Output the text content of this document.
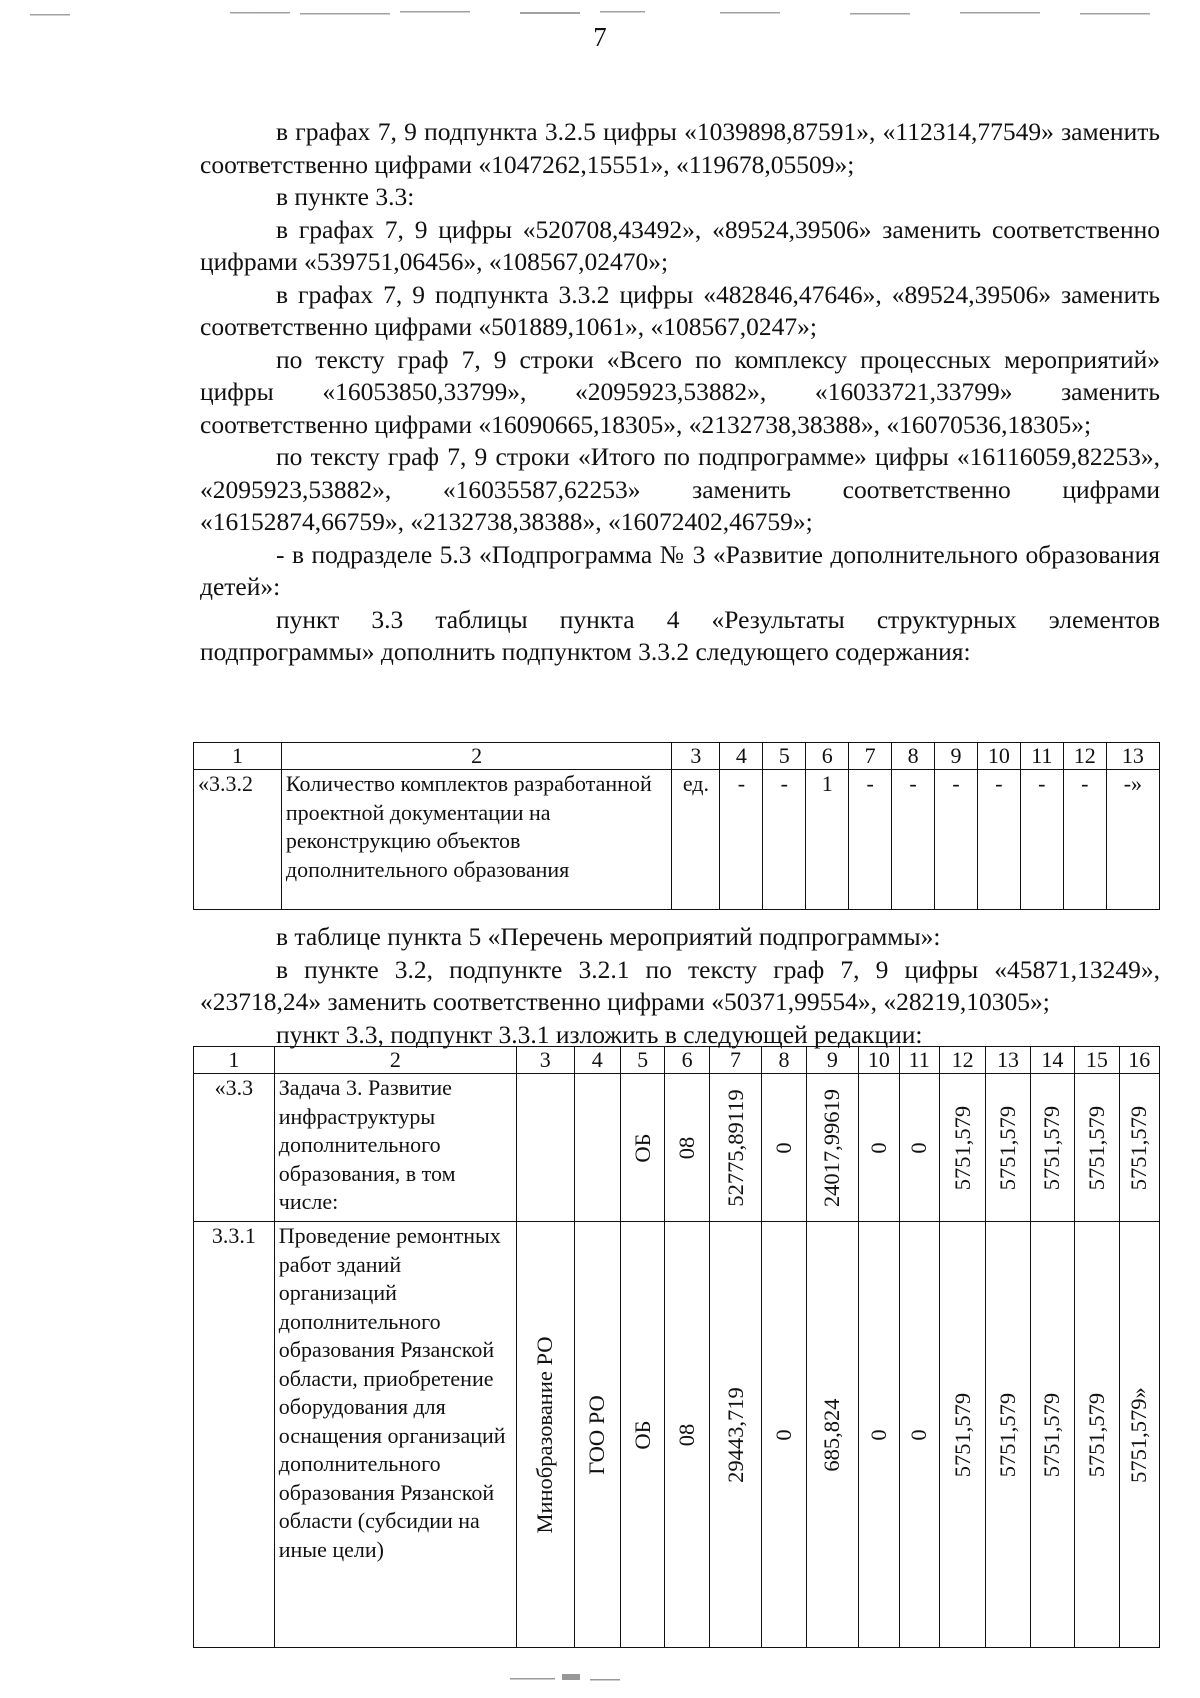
7

в графах 7, 9 подпункта 3.2.5 цифры «1039898,87591», «112314,77549» заменить соответственно цифрами «1047262,15551», «119678,05509»;

в пункте 3.3:

в графах 7, 9 цифры «520708,43492», «89524,39506» заменить соответственно цифрами «539751,06456», «108567,02470»;

в графах 7, 9 подпункта 3.3.2 цифры «482846,47646», «89524,39506» заменить соответственно цифрами «501889,1061», «108567,0247»;

по тексту граф 7, 9 строки «Всего по комплексу процессных мероприятий» цифры «16053850,33799», «2095923,53882», «16033721,33799» заменить соответственно цифрами «16090665,18305», «2132738,38388», «16070536,18305»;

по тексту граф 7, 9 строки «Итого по подпрограмме» цифры «16116059,82253», «2095923,53882», «16035587,62253» заменить соответственно цифрами «16152874,66759», «2132738,38388», «16072402,46759»;

- в подразделе 5.3 «Подпрограмма № 3 «Развитие дополнительного образования детей»:

пункт 3.3 таблицы пункта 4 «Результаты структурных элементов подпрограммы» дополнить подпунктом 3.3.2 следующего содержания:

1	2	3	4	5	6	7	8	9	10	11	12	13
«3.3.2	Количество комплектов разработанной проектной документации на реконструкцию объектов дополнительного образования	ед.	-	-	1	-	-	-	-	-	-	-»

в таблице пункта 5 «Перечень мероприятий подпрограммы»:

в пункте 3.2, подпункте 3.2.1 по тексту граф 7, 9 цифры «45871,13249», «23718,24» заменить соответственно цифрами «50371,99554», «28219,10305»;

пункт 3.3, подпункт 3.3.1 изложить в следующей редакции:

1	2	3	4	5	6	7	8	9	10	11	12	13	14	15	16
«3.3	Задача 3. Развитие инфраструктуры дополнительного образования, в том числе:			ОБ	08	52775,89119	0	24017,99619	0	0	5751,579	5751,579	5751,579	5751,579	5751,579

3.3.1	Проведение ремонтных работ зданий организаций дополнительного образования Рязанской области, приобретение оборудования для оснащения организаций дополнительного образования Рязанской области (субсидии на иные цели)	Минобразование РО	ГОО РО	ОБ	08	29443,719	0	685,824	0	0	5751,579	5751,579	5751,579	5751,579	5751,579»
